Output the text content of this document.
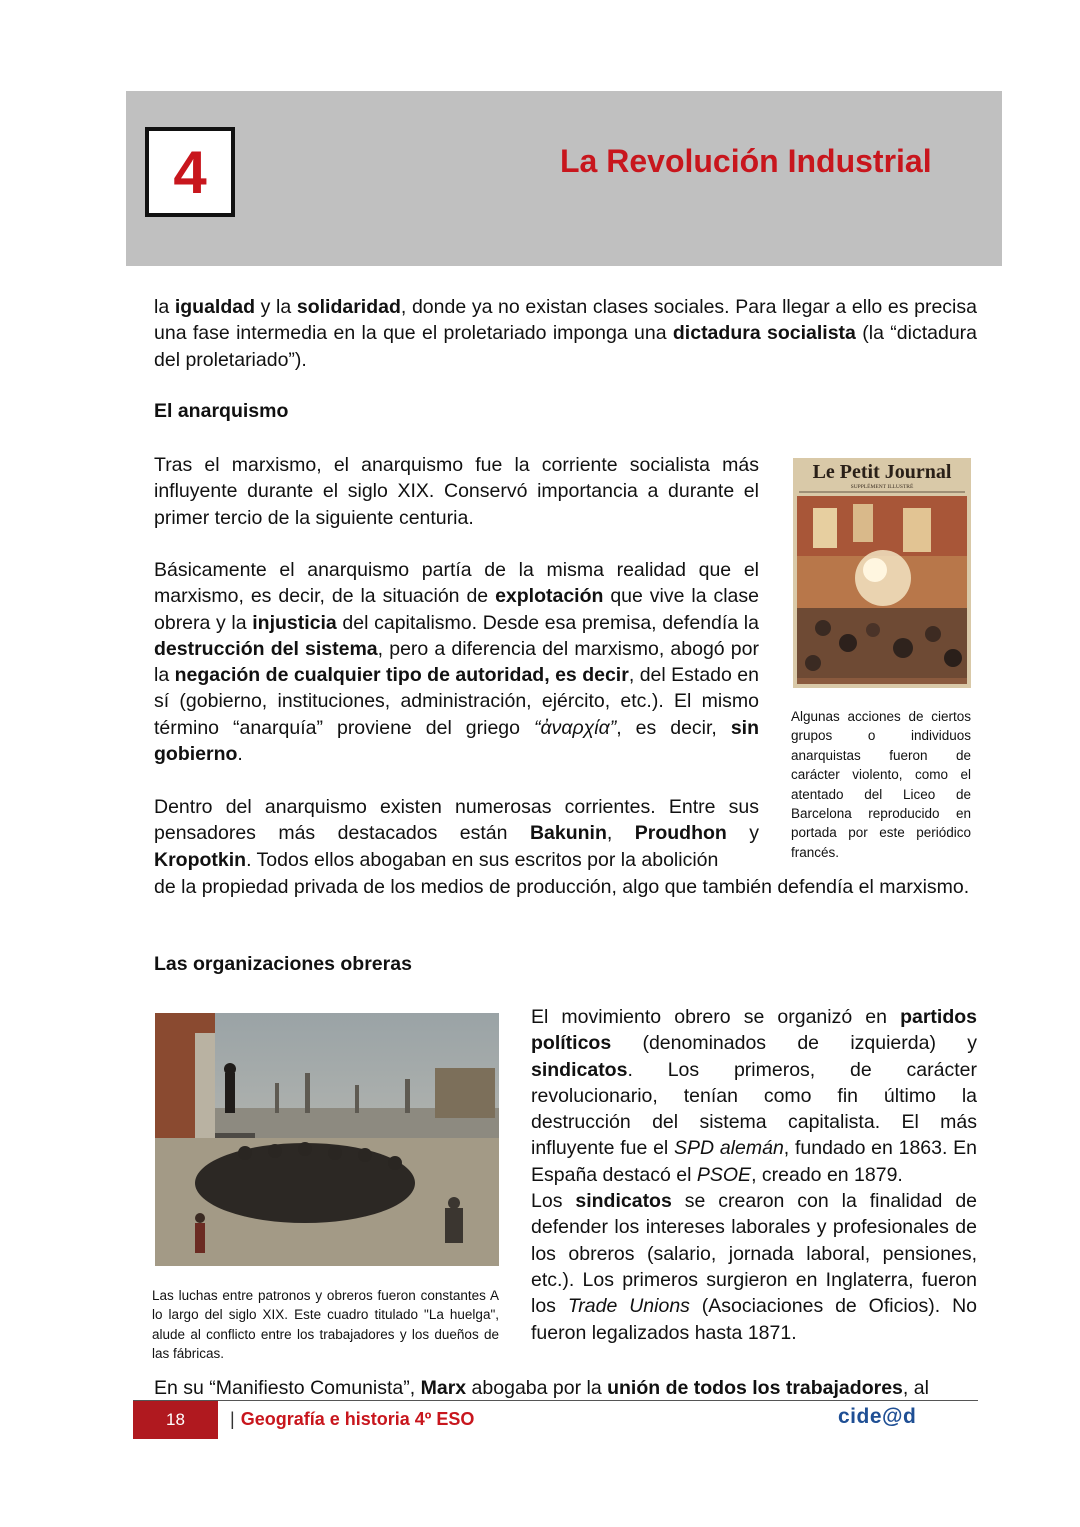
4	La Revolución Industrial

la igualdad y la solidaridad, donde ya no existan clases sociales. Para llegar a ello es precisa una fase intermedia en la que el proletariado imponga una dictadura socialista (la “dictadura del proletariado”).

El anarquismo

Tras el marxismo, el anarquismo fue la corriente socialista más influyente durante el siglo XIX. Conservó importancia a durante el primer tercio de la siguiente centuria.

Básicamente el anarquismo partía de la misma realidad que el marxismo, es decir, de la situación de explotación que vive la clase obrera y la injusticia del capitalismo. Desde esa premisa, defendía la destrucción del sistema, pero a diferencia del marxismo, abogó por la negación de cualquier tipo de autoridad, es decir, del Estado en sí (gobierno, instituciones, administración, ejército, etc.). El mismo término “anarquía” proviene del griego “ἀναρχία”, es decir, sin gobierno.

Dentro del anarquismo existen numerosas corrientes. Entre sus pensadores más destacados están Bakunin, Proudhon y Kropotkin. Todos ellos abogaban en sus escritos por la abolición

de la propiedad privada de los medios de producción, algo que también defendía el marxismo.

Le Petit Journal
SUPPLÉMENT ILLUSTRÉ

Algunas acciones de ciertos grupos o individuos anarquistas fueron de carácter violento, como el atentado del Liceo de Barcelona reproducido en portada por este periódico francés.

Las organizaciones obreras

Las luchas entre patronos y obreros fueron constantes A lo largo del siglo XIX. Este cuadro titulado "La huelga", alude al conflicto entre los trabajadores y los dueños de las fábricas.

El movimiento obrero se organizó en partidos políticos (denominados de izquierda) y sindicatos. Los primeros, de carácter revolucionario, tenían como fin último la destrucción del sistema capitalista. El más influyente fue el SPD alemán, fundado en 1863. En España destacó el PSOE, creado en 1879.
Los sindicatos se crearon con la finalidad de defender los intereses laborales y profesionales de los obreros (salario, jornada laboral, pensiones, etc.). Los primeros surgieron en Inglaterra, fueron los Trade Unions (Asociaciones de Oficios). No fueron legalizados hasta 1871.

En su “Manifiesto Comunista”, Marx abogaba por la unión de todos los trabajadores, al

18	| Geografía e historia 4º ESO	cide@d
